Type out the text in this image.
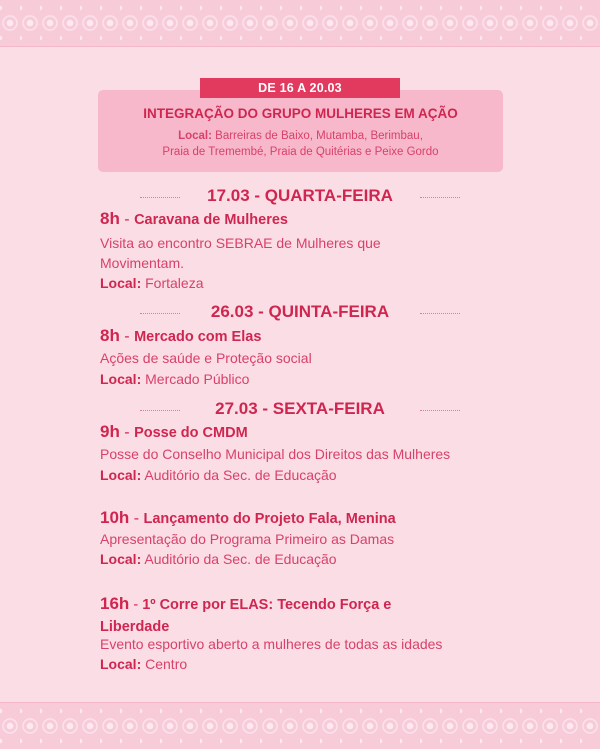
DE 16 A 20.03
INTEGRAÇÃO DO GRUPO MULHERES EM AÇÃO
Local: Barreiras de Baixo, Mutamba, Berimbau,
Praia de Tremembé, Praia de Quitérias e Peixe Gordo
17.03 - QUARTA-FEIRA
8h - Caravana de Mulheres
Visita ao encontro SEBRAE de Mulheres que
Movimentam.
Local: Fortaleza
26.03 - QUINTA-FEIRA
8h - Mercado com Elas
Ações de saúde e Proteção social
Local: Mercado Público
27.03 - SEXTA-FEIRA
9h - Posse do CMDM
Posse do Conselho Municipal dos Direitos das Mulheres
Local: Auditório da Sec. de Educação
10h - Lançamento do Projeto Fala, Menina
Apresentação do Programa Primeiro as Damas
Local: Auditório da Sec. de Educação
16h - 1º Corre por ELAS: Tecendo Força e Liberdade
Evento esportivo aberto a mulheres de todas as idades
Local: Centro
